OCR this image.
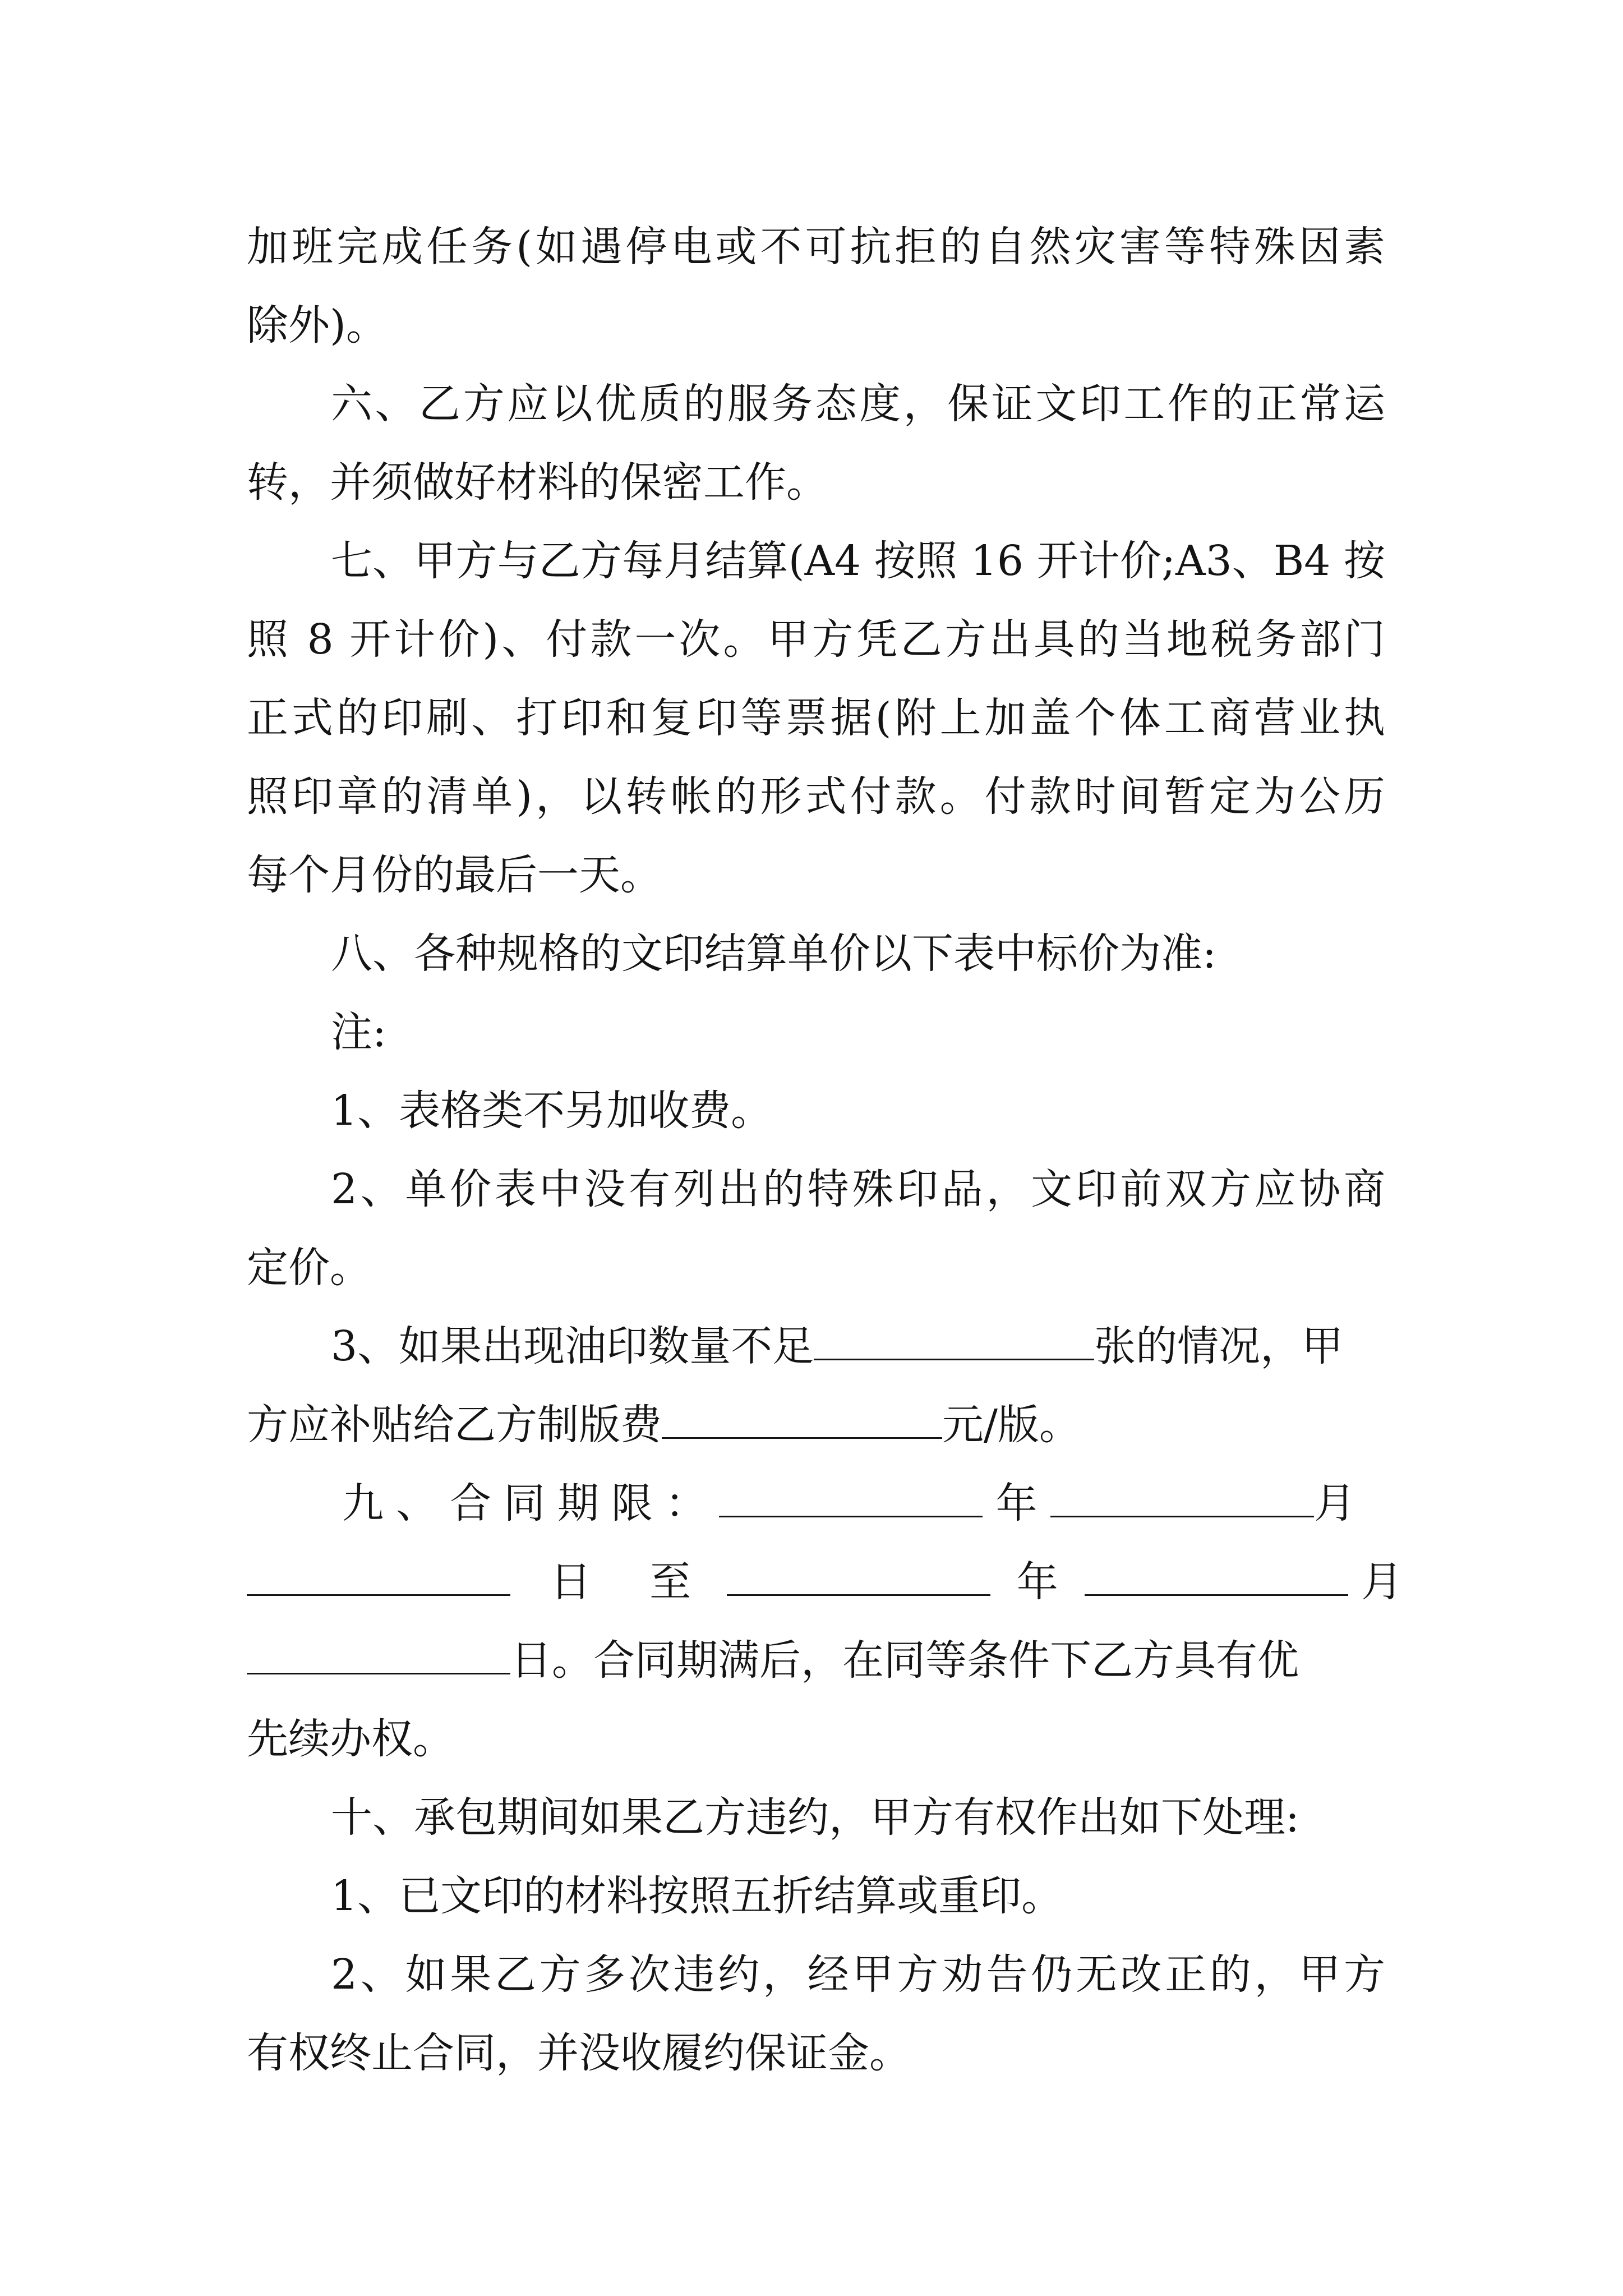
加班完成任务(如遇停电或不可抗拒的自然灾害等特殊因素
除外)。
六、乙方应以优质的服务态度，保证文印工作的正常运
转，并须做好材料的保密工作。
七、甲方与乙方每月结算(A4 按照 16 开计价;A3、B4 按
照 8 开计价)、付款一次。甲方凭乙方出具的当地税务部门
正式的印刷、打印和复印等票据(附上加盖个体工商营业执
照印章的清单)，以转帐的形式付款。付款时间暂定为公历
每个月份的最后一天。
八、各种规格的文印结算单价以下表中标价为准:
注:
1、表格类不另加收费。
2、单价表中没有列出的特殊印品，文印前双方应协商
定价。
3、如果出现油印数量不足	张的情况，甲
方应补贴给乙方制版费	元/版。
九、合同期限：	年	月
日 至	年	月
日。合同期满后，在同等条件下乙方具有优
先续办权。
十、承包期间如果乙方违约，甲方有权作出如下处理:
1、已文印的材料按照五折结算或重印。
2、如果乙方多次违约，经甲方劝告仍无改正的，甲方
有权终止合同，并没收履约保证金。
